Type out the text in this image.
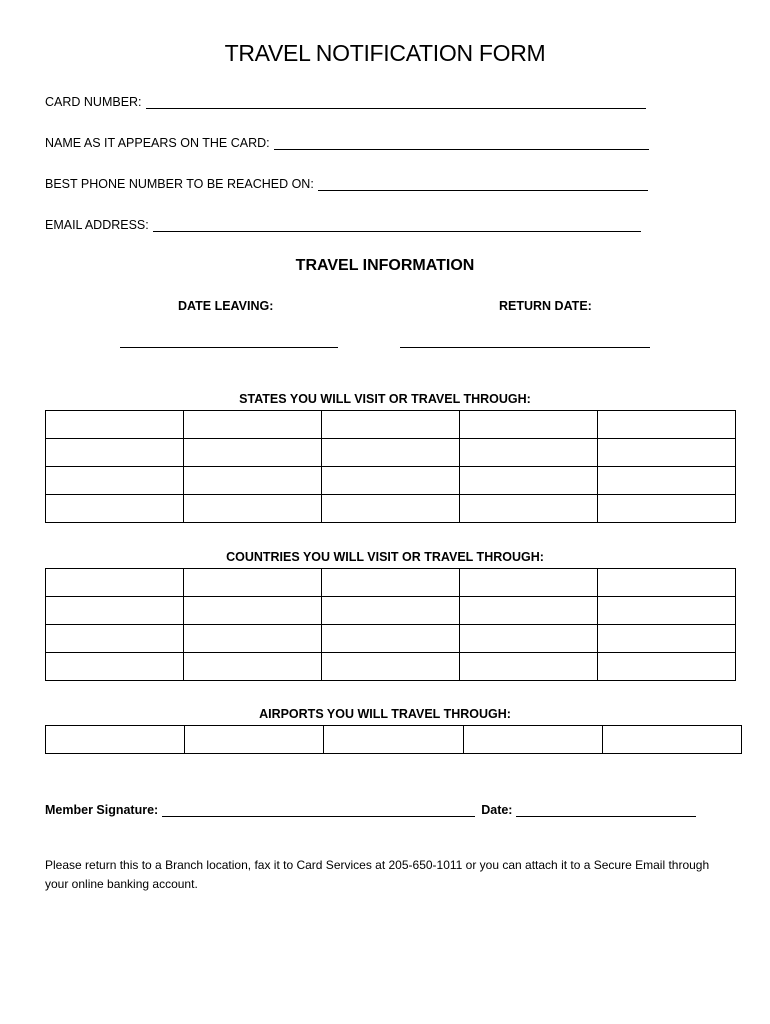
TRAVEL NOTIFICATION FORM
CARD NUMBER:
NAME AS IT APPEARS ON THE CARD:
BEST PHONE NUMBER TO BE REACHED ON:
EMAIL ADDRESS:
TRAVEL INFORMATION
DATE LEAVING:	RETURN DATE:
STATES YOU WILL VISIT OR TRAVEL THROUGH:

COUNTRIES YOU WILL VISIT OR TRAVEL THROUGH:

AIRPORTS YOU WILL TRAVEL THROUGH:

Member Signature:	Date:
Please return this to a Branch location, fax it to Card Services at 205-650-1011 or you can attach it to a Secure Email through your online banking account.
